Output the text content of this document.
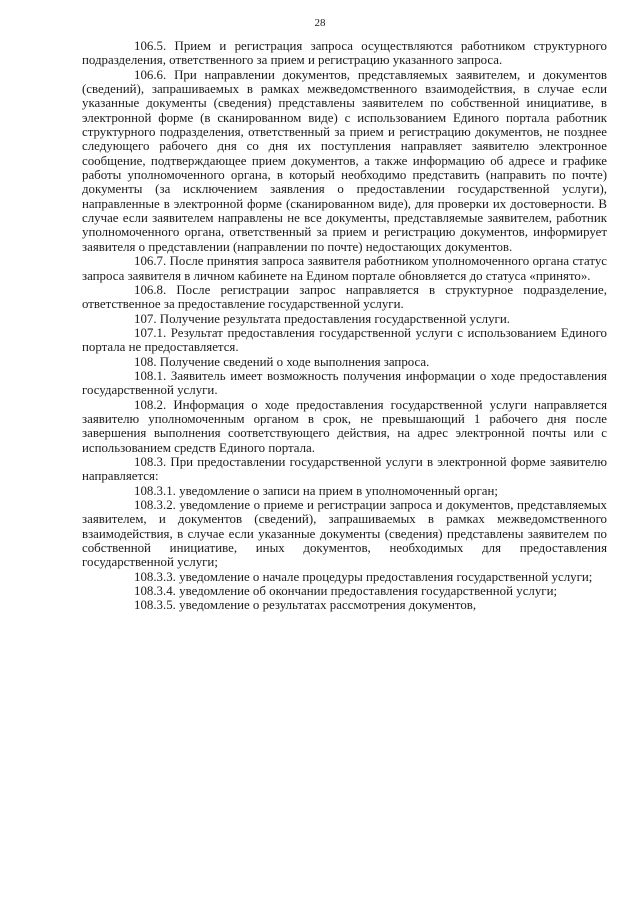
28

106.5. Прием и регистрация запроса осуществляются работником структурного подразделения, ответственного за прием и регистрацию указанного запроса.

106.6. При направлении документов, представляемых заявителем, и документов (сведений), запрашиваемых в рамках межведомственного взаимодействия, в случае если указанные документы (сведения) представлены заявителем по собственной инициативе, в электронной форме (в сканированном виде) с использованием Единого портала работник структурного подразделения, ответственный за прием и регистрацию документов, не позднее следующего рабочего дня со дня их поступления направляет заявителю электронное сообщение, подтверждающее прием документов, а также информацию об адресе и графике работы уполномоченного органа, в который необходимо представить (направить по почте) документы (за исключением заявления о предоставлении государственной услуги), направленные в электронной форме (сканированном виде), для проверки их достоверности. В случае если заявителем направлены не все документы, представляемые заявителем, работник уполномоченного органа, ответственный за прием и регистрацию документов, информирует заявителя о представлении (направлении по почте) недостающих документов.

106.7. После принятия запроса заявителя работником уполномоченного органа статус запроса заявителя в личном кабинете на Едином портале обновляется до статуса «принято».

106.8. После регистрации запрос направляется в структурное подразделение, ответственное за предоставление государственной услуги.

107. Получение результата предоставления государственной услуги.

107.1. Результат предоставления государственной услуги с использованием Единого портала не предоставляется.

108. Получение сведений о ходе выполнения запроса.

108.1. Заявитель имеет возможность получения информации о ходе предоставления государственной услуги.

108.2. Информация о ходе предоставления государственной услуги направляется заявителю уполномоченным органом в срок, не превышающий 1 рабочего дня после завершения выполнения соответствующего действия, на адрес электронной почты или с использованием средств Единого портала.

108.3. При предоставлении государственной услуги в электронной форме заявителю направляется:

108.3.1. уведомление о записи на прием в уполномоченный орган;

108.3.2. уведомление о приеме и регистрации запроса и документов, представляемых заявителем, и документов (сведений), запрашиваемых в рамках межведомственного взаимодействия, в случае если указанные документы (сведения) представлены заявителем по собственной инициативе, иных документов, необходимых для предоставления государственной услуги;

108.3.3. уведомление о начале процедуры предоставления государственной услуги;

108.3.4. уведомление об окончании предоставления государственной услуги;

108.3.5. уведомление о результатах рассмотрения документов,
